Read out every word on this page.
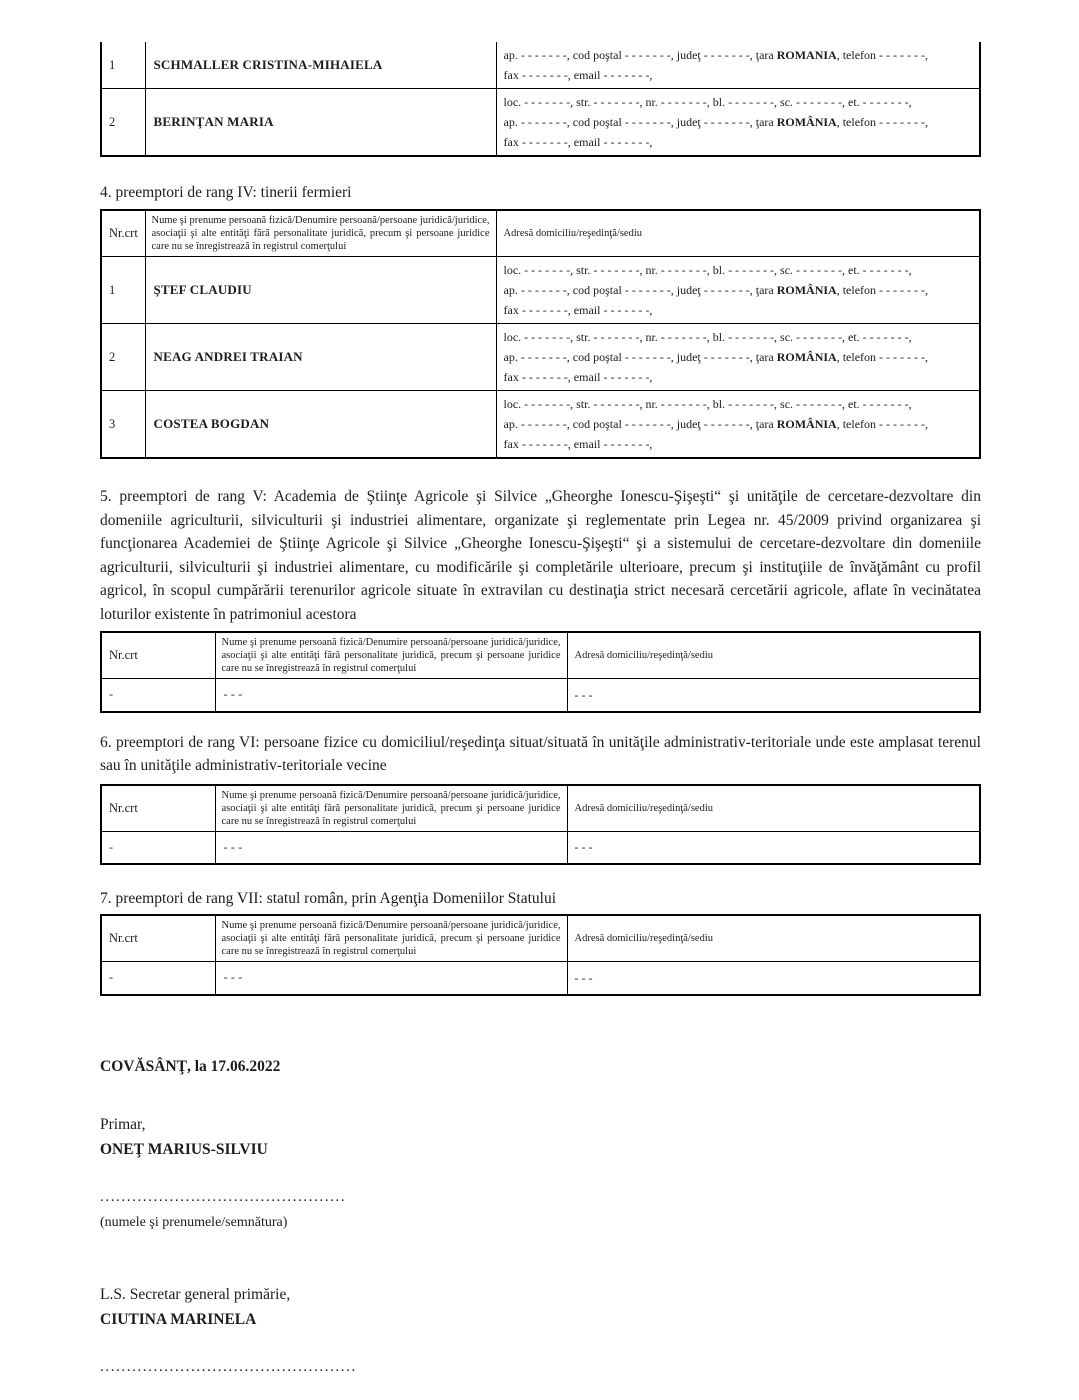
1	SCHMALLER CRISTINA-MIHAIELA	ap. - - - - - - -, cod poştal - - - - - - -, judeţ - - - - - - -, ţara ROMANIA, telefon - - - - - - -,
fax - - - - - - -, email - - - - - - -,

2	BERINŢAN MARIA	loc. - - - - - - -, str. - - - - - - -, nr. - - - - - - -, bl. - - - - - - -, sc. - - - - - - -, et. - - - - - - -,
ap. - - - - - - -, cod poştal - - - - - - -, judeţ - - - - - - -, ţara ROMÂNIA, telefon - - - - - - -,
fax - - - - - - -, email - - - - - - -,

4. preemptori de rang IV: tinerii fermieri

Nr.crt	Nume şi prenume persoană fizică/Denumire persoană/persoane juridică/juridice, asociaţii şi alte entităţi fără personalitate juridică, precum şi persoane juridice care nu se înregistrează în registrul comerţului	Adresă domiciliu/reşedinţă/sediu
1	ŞTEF CLAUDIU	loc. - - - - - - -, str. - - - - - - -, nr. - - - - - - -, bl. - - - - - - -, sc. - - - - - - -, et. - - - - - - -,
ap. - - - - - - -, cod poştal - - - - - - -, judeţ - - - - - - -, ţara ROMÂNIA, telefon - - - - - - -,
fax - - - - - - -, email - - - - - - -,

2	NEAG ANDREI TRAIAN	loc. - - - - - - -, str. - - - - - - -, nr. - - - - - - -, bl. - - - - - - -, sc. - - - - - - -, et. - - - - - - -,
ap. - - - - - - -, cod poştal - - - - - - -, judeţ - - - - - - -, ţara ROMÂNIA, telefon - - - - - - -,
fax - - - - - - -, email - - - - - - -,

3	COSTEA BOGDAN	loc. - - - - - - -, str. - - - - - - -, nr. - - - - - - -, bl. - - - - - - -, sc. - - - - - - -, et. - - - - - - -,
ap. - - - - - - -, cod poştal - - - - - - -, judeţ - - - - - - -, ţara ROMÂNIA, telefon - - - - - - -,
fax - - - - - - -, email - - - - - - -,

5. preemptori de rang V: Academia de Ştiinţe Agricole şi Silvice „Gheorghe Ionescu-Şişeşti“ şi unităţile de cercetare-dezvoltare din domeniile agriculturii, silviculturii şi industriei alimentare, organizate şi reglementate prin Legea nr. 45/2009 privind organizarea şi funcţionarea Academiei de Ştiinţe Agricole şi Silvice „Gheorghe Ionescu-Şişeşti“ şi a sistemului de cercetare-dezvoltare din domeniile agriculturii, silviculturii şi industriei alimentare, cu modificările şi completările ulterioare, precum şi instituţiile de învăţământ cu profil agricol, în scopul cumpărării terenurilor agricole situate în extravilan cu destinaţia strict necesară cercetării agricole, aflate în vecinătatea loturilor existente în patrimoniul acestora

Nr.crt	Nume şi prenume persoană fizică/Denumire persoană/persoane juridică/juridice, asociaţii şi alte entităţi fără personalitate juridică, precum şi persoane juridice care nu se înregistrează în registrul comerţului	Adresă domiciliu/reşedinţă/sediu
-	- - -	- - -

6. preemptori de rang VI: persoane fizice cu domiciliul/reşedinţa situat/situată în unităţile administrativ-teritoriale unde este amplasat terenul sau în unităţile administrativ-teritoriale vecine

Nr.crt	Nume şi prenume persoană fizică/Denumire persoană/persoane juridică/juridice, asociaţii şi alte entităţi fără personalitate juridică, precum şi persoane juridice care nu se înregistrează în registrul comerţului	Adresă domiciliu/reşedinţă/sediu
-	- - -	- - -

7. preemptori de rang VII: statul român, prin Agenţia Domeniilor Statului

Nr.crt	Nume şi prenume persoană fizică/Denumire persoană/persoane juridică/juridice, asociaţii şi alte entităţi fără personalitate juridică, precum şi persoane juridice care nu se înregistrează în registrul comerţului	Adresă domiciliu/reşedinţă/sediu
-	- - -	- - -

COVĂSÂNŢ, la 17.06.2022

Primar,

ONEŢ MARIUS-SILVIU

..............................................

(numele şi prenumele/semnătura)

L.S. Secretar general primărie,

CIUTINA MARINELA

................................................
